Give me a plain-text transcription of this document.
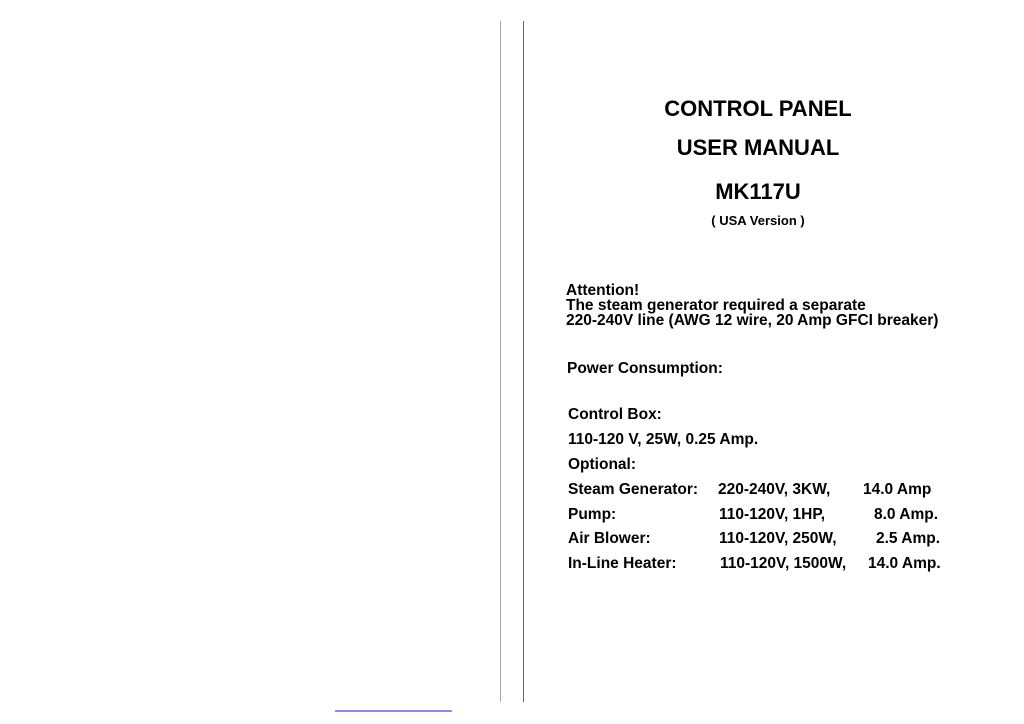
CONTROL PANEL
USER MANUAL
MK117U
( USA Version )
Attention!
The steam generator required a separate
220-240V line (AWG 12 wire, 20 Amp GFCI breaker)
Power Consumption:
Control Box:
110-120 V, 25W, 0.25 Amp.
Optional:
Steam Generator: 220-240V, 3KW, 14.0 Amp
Pump:	110-120V, 1HP,	8.0 Amp.
Air Blower:	110-120V, 250W,	2.5 Amp.
In-Line Heater:	110-120V, 1500W, 14.0 Amp.
